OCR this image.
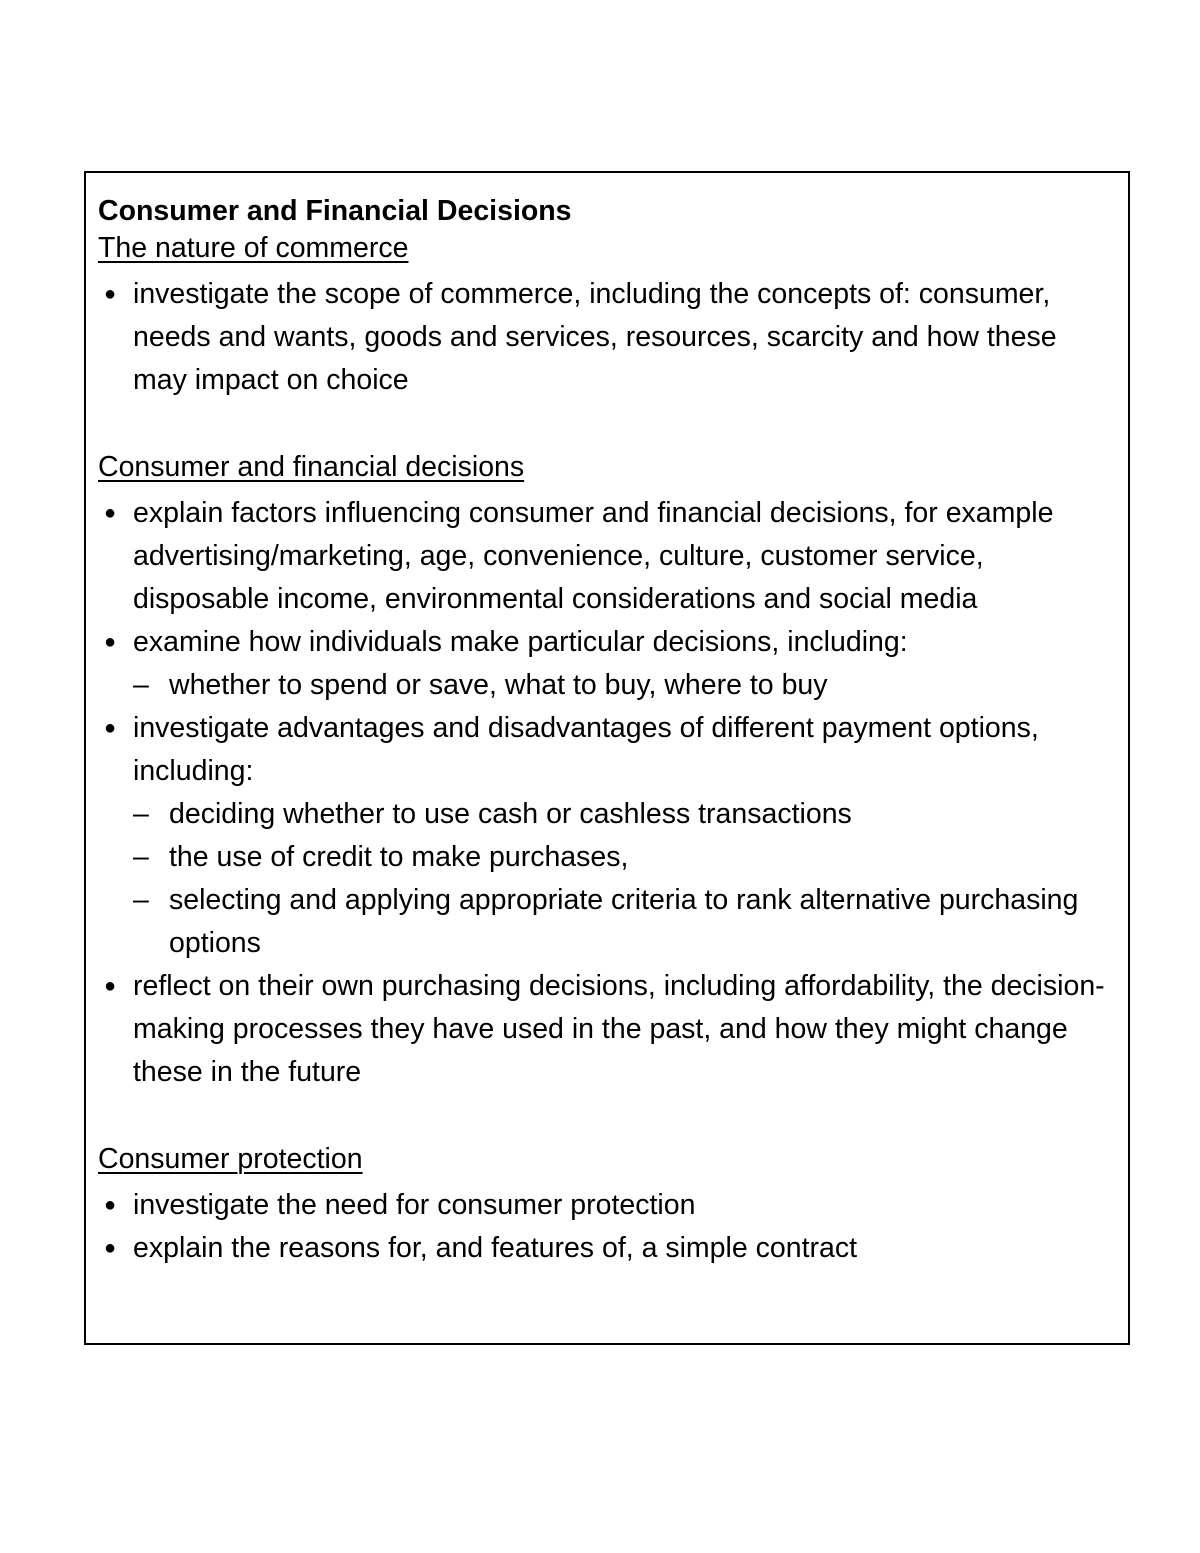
Consumer and Financial Decisions
The nature of commerce
● investigate the scope of commerce, including the concepts of: consumer, needs and wants, goods and services, resources, scarcity and how these may impact on choice
Consumer and financial decisions
● explain factors influencing consumer and financial decisions, for example advertising/marketing, age, convenience, culture, customer service, disposable income, environmental considerations and social media
● examine how individuals make particular decisions, including:
– whether to spend or save, what to buy, where to buy
● investigate advantages and disadvantages of different payment options, including:
– deciding whether to use cash or cashless transactions
– the use of credit to make purchases,
– selecting and applying appropriate criteria to rank alternative purchasing options
● reflect on their own purchasing decisions, including affordability, the decision-making processes they have used in the past, and how they might change these in the future
Consumer protection
● investigate the need for consumer protection
● explain the reasons for, and features of, a simple contract
